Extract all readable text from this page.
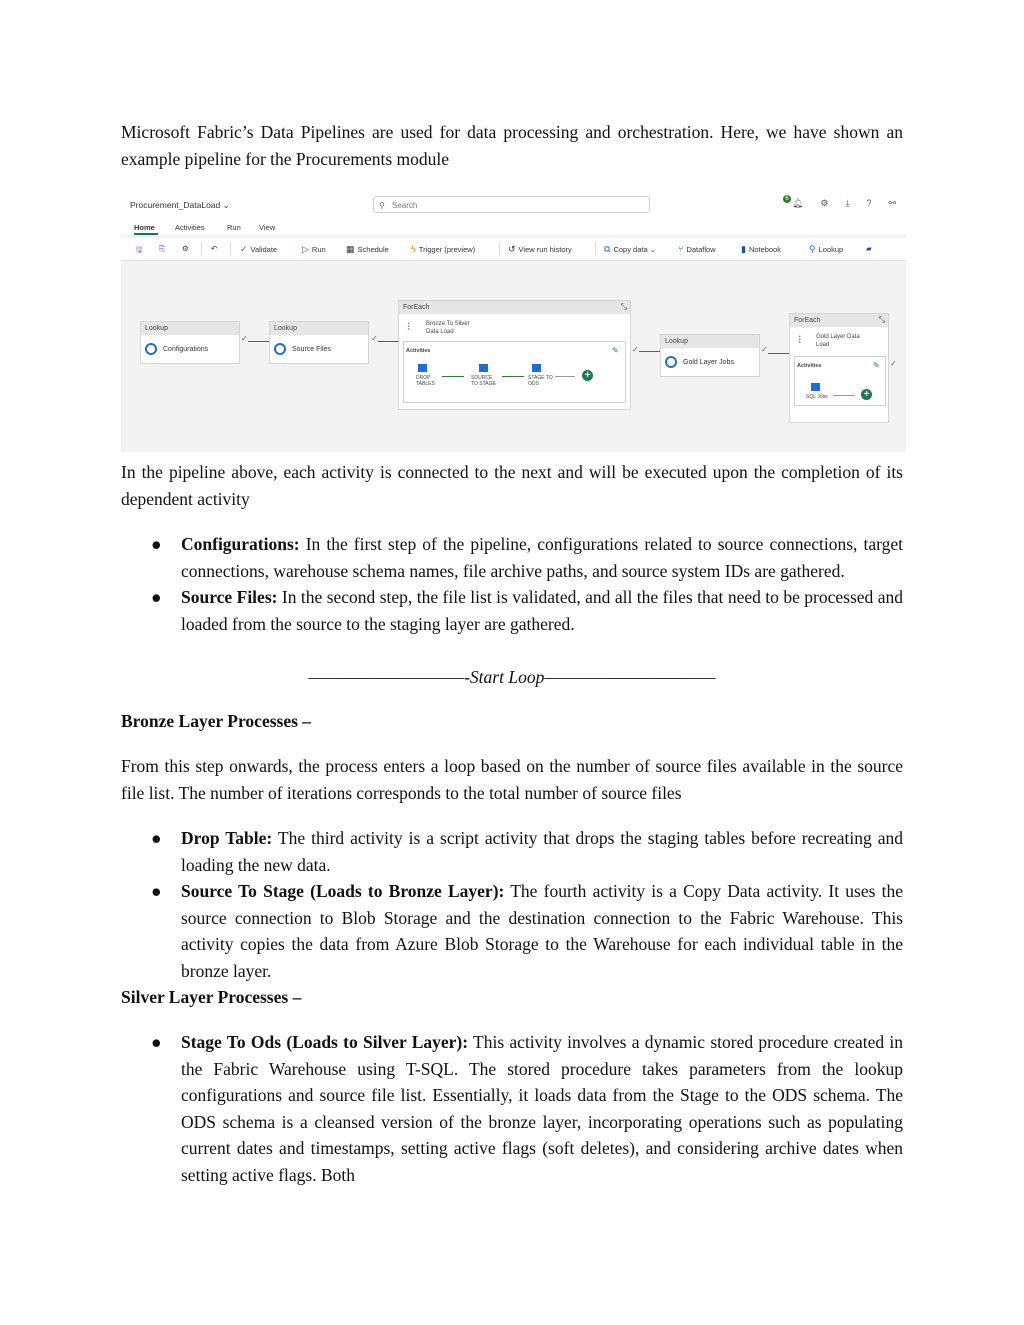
Microsoft Fabric’s Data Pipelines are used for data processing and orchestration. Here, we have shown an example pipeline for the Procurements module

Procurement_DataLoad ⌄	⚲ Search	🔔︎ ⚙ ⤓ ? ⚯
6
Home	Activities	Run View
🖫 ⎘ ⚙	↶	✓ Validate	▷ Run ▦ Schedule ϟ Trigger (preview)	↺ View run history	⧉ Copy data ⌄ ⑂ Dataflow	▮ Notebook	⚲ Lookup	▰
Lookup
Configurations
✓
Lookup
Source Files
✓
ForEach	⤡
⁝	Bronze To Silver
Data Load
Activities	✎
DROP
TABLES
SOURCE
TO STAGE
STAGE TO
ODS
+
✓
Lookup
Gold Layer Jobs
✓
ForEach	⤡
⁝ Gold Layer Data
Load
Activities	✎
SQL Jobs	+
✓

In the pipeline above, each activity is connected to the next and will be executed upon the completion of its dependent activity

● Configurations: In the first step of the pipeline, configurations related to source connections, target connections, warehouse schema names, file archive paths, and source system IDs are gathered.
● Source Files: In the second step, the file list is validated, and all the files that need to be processed and loaded from the source to the staging layer are gathered.
——————————-Start Loop———————————

Bronze Layer Processes –

From this step onwards, the process enters a loop based on the number of source files available in the source file list. The number of iterations corresponds to the total number of source files

● Drop Table: The third activity is a script activity that drops the staging tables before recreating and loading the new data.
● Source To Stage (Loads to Bronze Layer): The fourth activity is a Copy Data activity. It uses the source connection to Blob Storage and the destination connection to the Fabric Warehouse. This activity copies the data from Azure Blob Storage to the Warehouse for each individual table in the bronze layer.

Silver Layer Processes –

● Stage To Ods (Loads to Silver Layer): This activity involves a dynamic stored procedure created in the Fabric Warehouse using T-SQL. The stored procedure takes parameters from the lookup configurations and source file list. Essentially, it loads data from the Stage to the ODS schema. The ODS schema is a cleansed version of the bronze layer, incorporating operations such as populating current dates and timestamps, setting active flags (soft deletes), and considering archive dates when setting active flags. Both
